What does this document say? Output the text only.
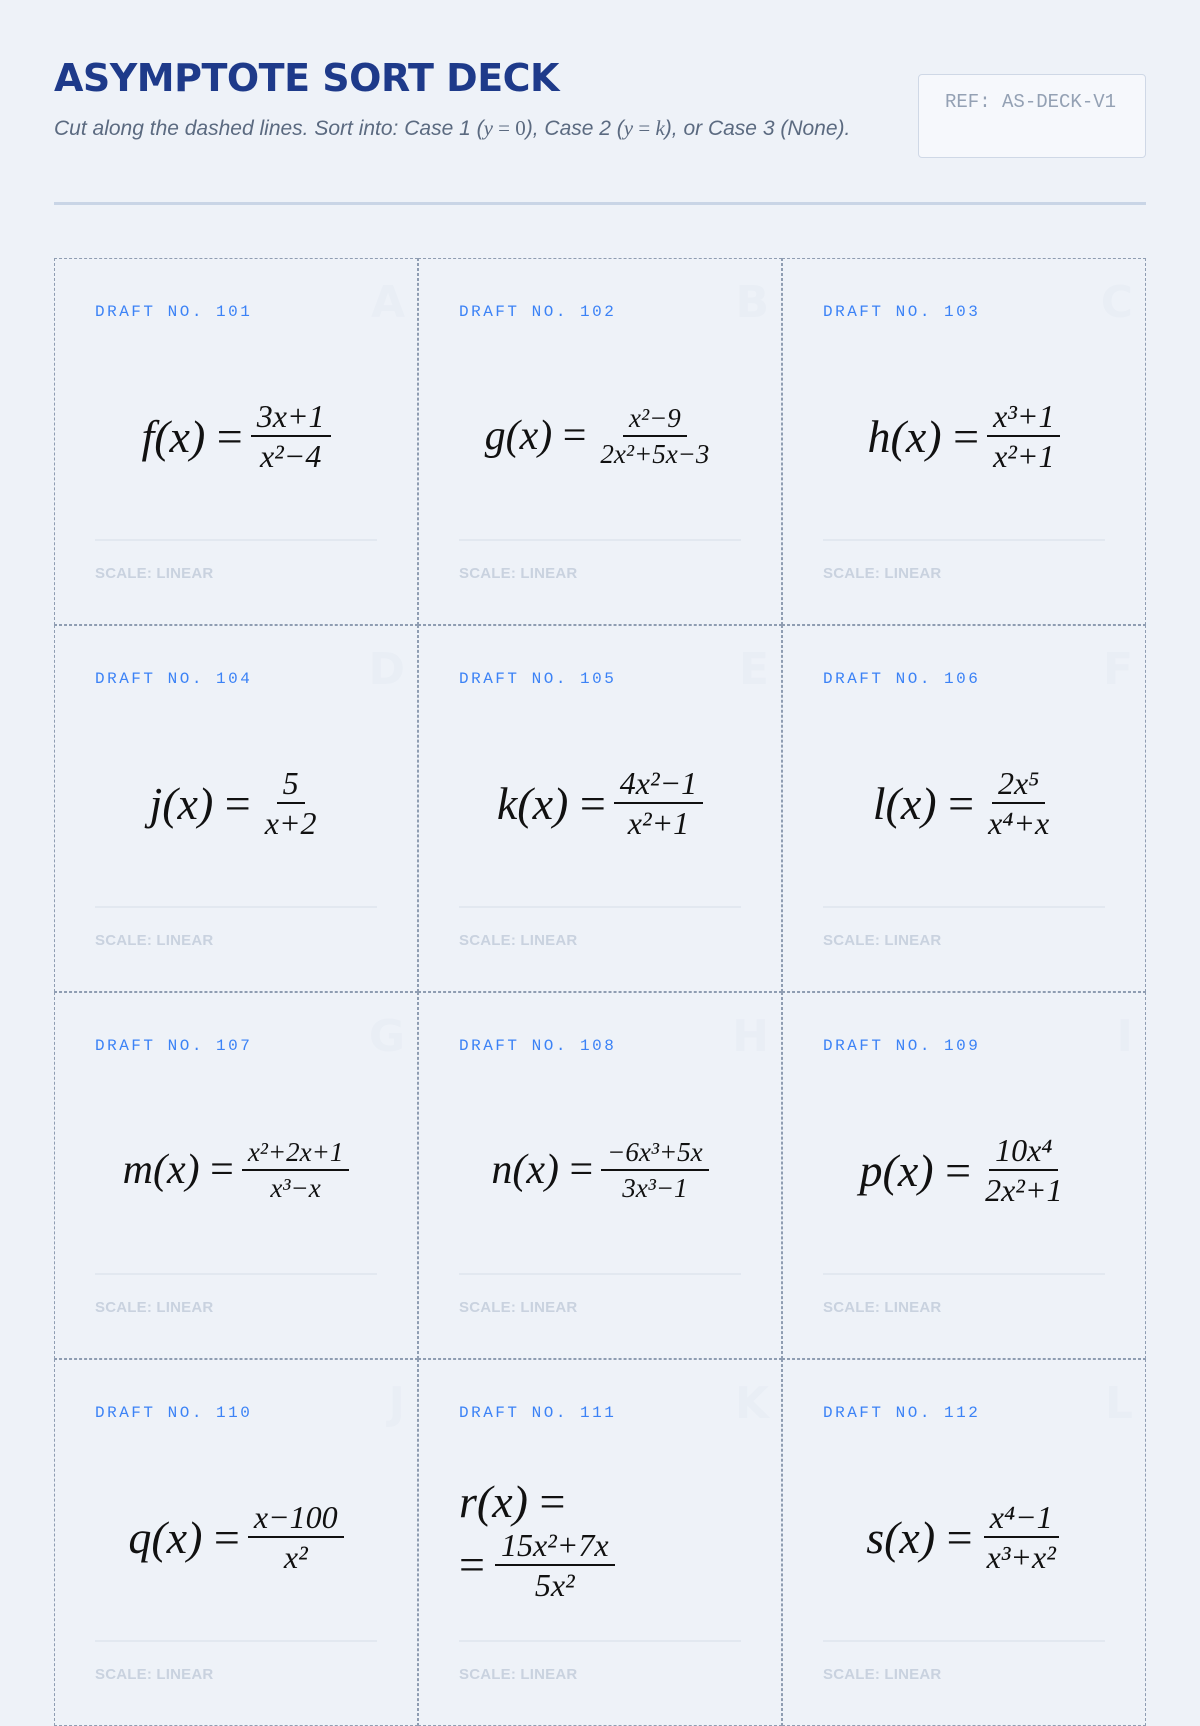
ASYMPTOTE SORT DECK
Cut along the dashed lines. Sort into: Case 1 (y = 0), Case 2 (y = k), or Case 3 (None).
REF: AS-DECK-V1
A
DRAFT NO. 101
f(x) =	$\frac{3x+1}{\text{x²−4}}$
SCALE: LINEAR
B
DRAFT NO. 102
g(x) =	$\frac{\text{x²−9}}{\text{2x²+5x−3}}$
SCALE: LINEAR
C
DRAFT NO. 103
h(x) =	$\frac{\text{x³+1}}{\text{x²+1}}$
SCALE: LINEAR
D
DRAFT NO. 104
j(x) =	$\frac{5}{x+2}$
SCALE: LINEAR
E
DRAFT NO. 105
k(x) =	$\frac{\text{4x²−1}}{\text{x²+1}}$
SCALE: LINEAR
F
DRAFT NO. 106
l(x) =	$\frac{\text{2x⁵}}{\text{x⁴+x}}$
SCALE: LINEAR
G
DRAFT NO. 107
m(x) =	$\frac{\text{x²+2x+1}}{\text{x³−x}}$
SCALE: LINEAR
H
DRAFT NO. 108
n(x) =	$\frac{\text{−6x³+5x}}{\text{3x³−1}}$
SCALE: LINEAR
I
DRAFT NO. 109
p(x) =	$\frac{\text{10x⁴}}{\text{2x²+1}}$
SCALE: LINEAR
J
DRAFT NO. 110
q(x) =	$\frac{x-100}{\text{x²}}$
SCALE: LINEAR
K
DRAFT NO. 111
r(x) =
= $\frac{\text{15x²+7x}}{\text{5x²}}$
SCALE: LINEAR
L
DRAFT NO. 112
s(x) =	$\frac{\text{x⁴−1}}{\text{x³+x²}}$
SCALE: LINEAR
